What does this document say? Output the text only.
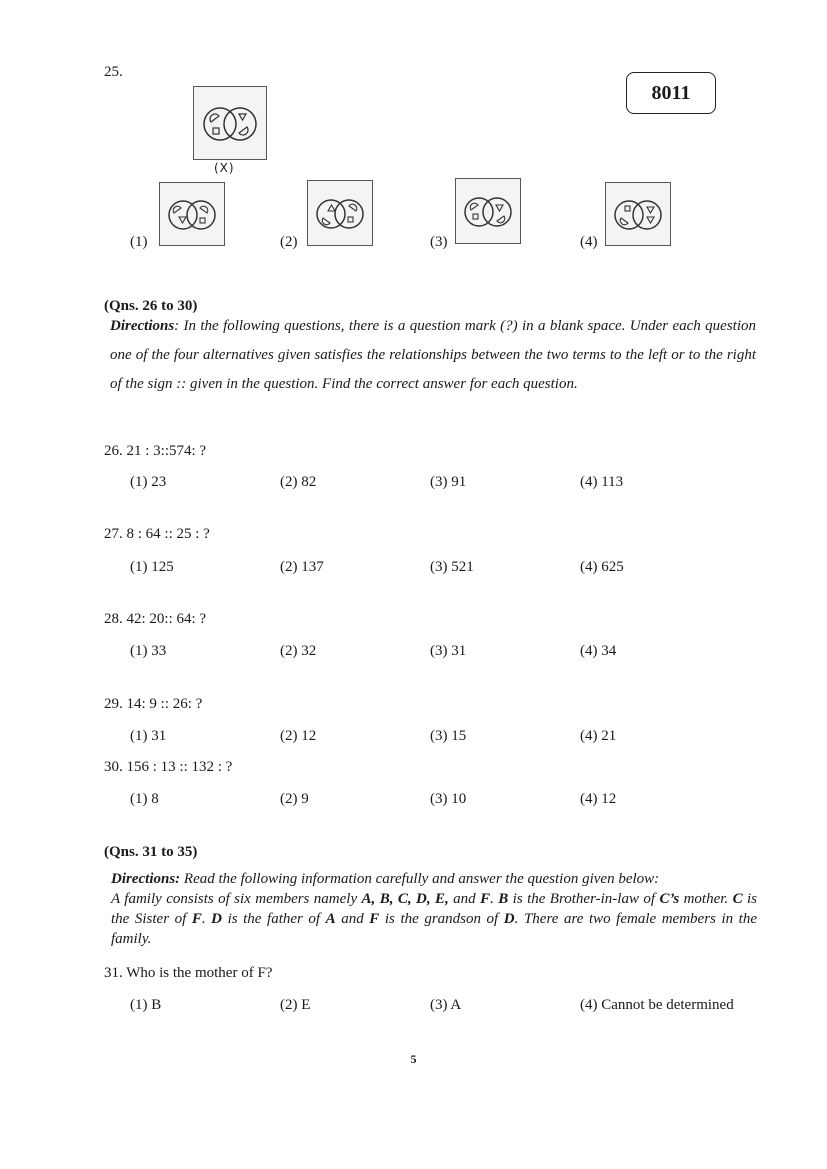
25.
8011
(X)
(1)	(2)	(3)	(4)
(Qns. 26 to 30)
Directions: In the following questions, there is a question mark (?) in a blank space. Under each question one of the four alternatives given satisfies the relationships between the two terms to the left or to the right of the sign :: given in the question. Find the correct answer for each question.
26. 21 : 3::574: ?
(1) 23	(2) 82	(3) 91	(4) 113
27. 8 : 64 :: 25 : ?
(1) 125	(2) 137	(3) 521	(4) 625
28. 42: 20:: 64: ?
(1) 33	(2) 32	(3) 31	(4) 34
29. 14: 9 :: 26: ?
(1) 31	(2) 12	(3) 15	(4) 21
30. 156 : 13 :: 132 : ?
(1) 8	(2) 9	(3) 10	(4) 12
(Qns. 31 to 35)
Directions: Read the following information carefully and answer the question given below:
A family consists of six members namely A, B, C, D, E, and F. B is the Brother-in-law of C’s mother. C is the Sister of F. D is the father of A and F is the grandson of D. There are two female members in the family.
31. Who is the mother of F?
(1) B	(2) E	(3) A	(4) Cannot be determined
5
